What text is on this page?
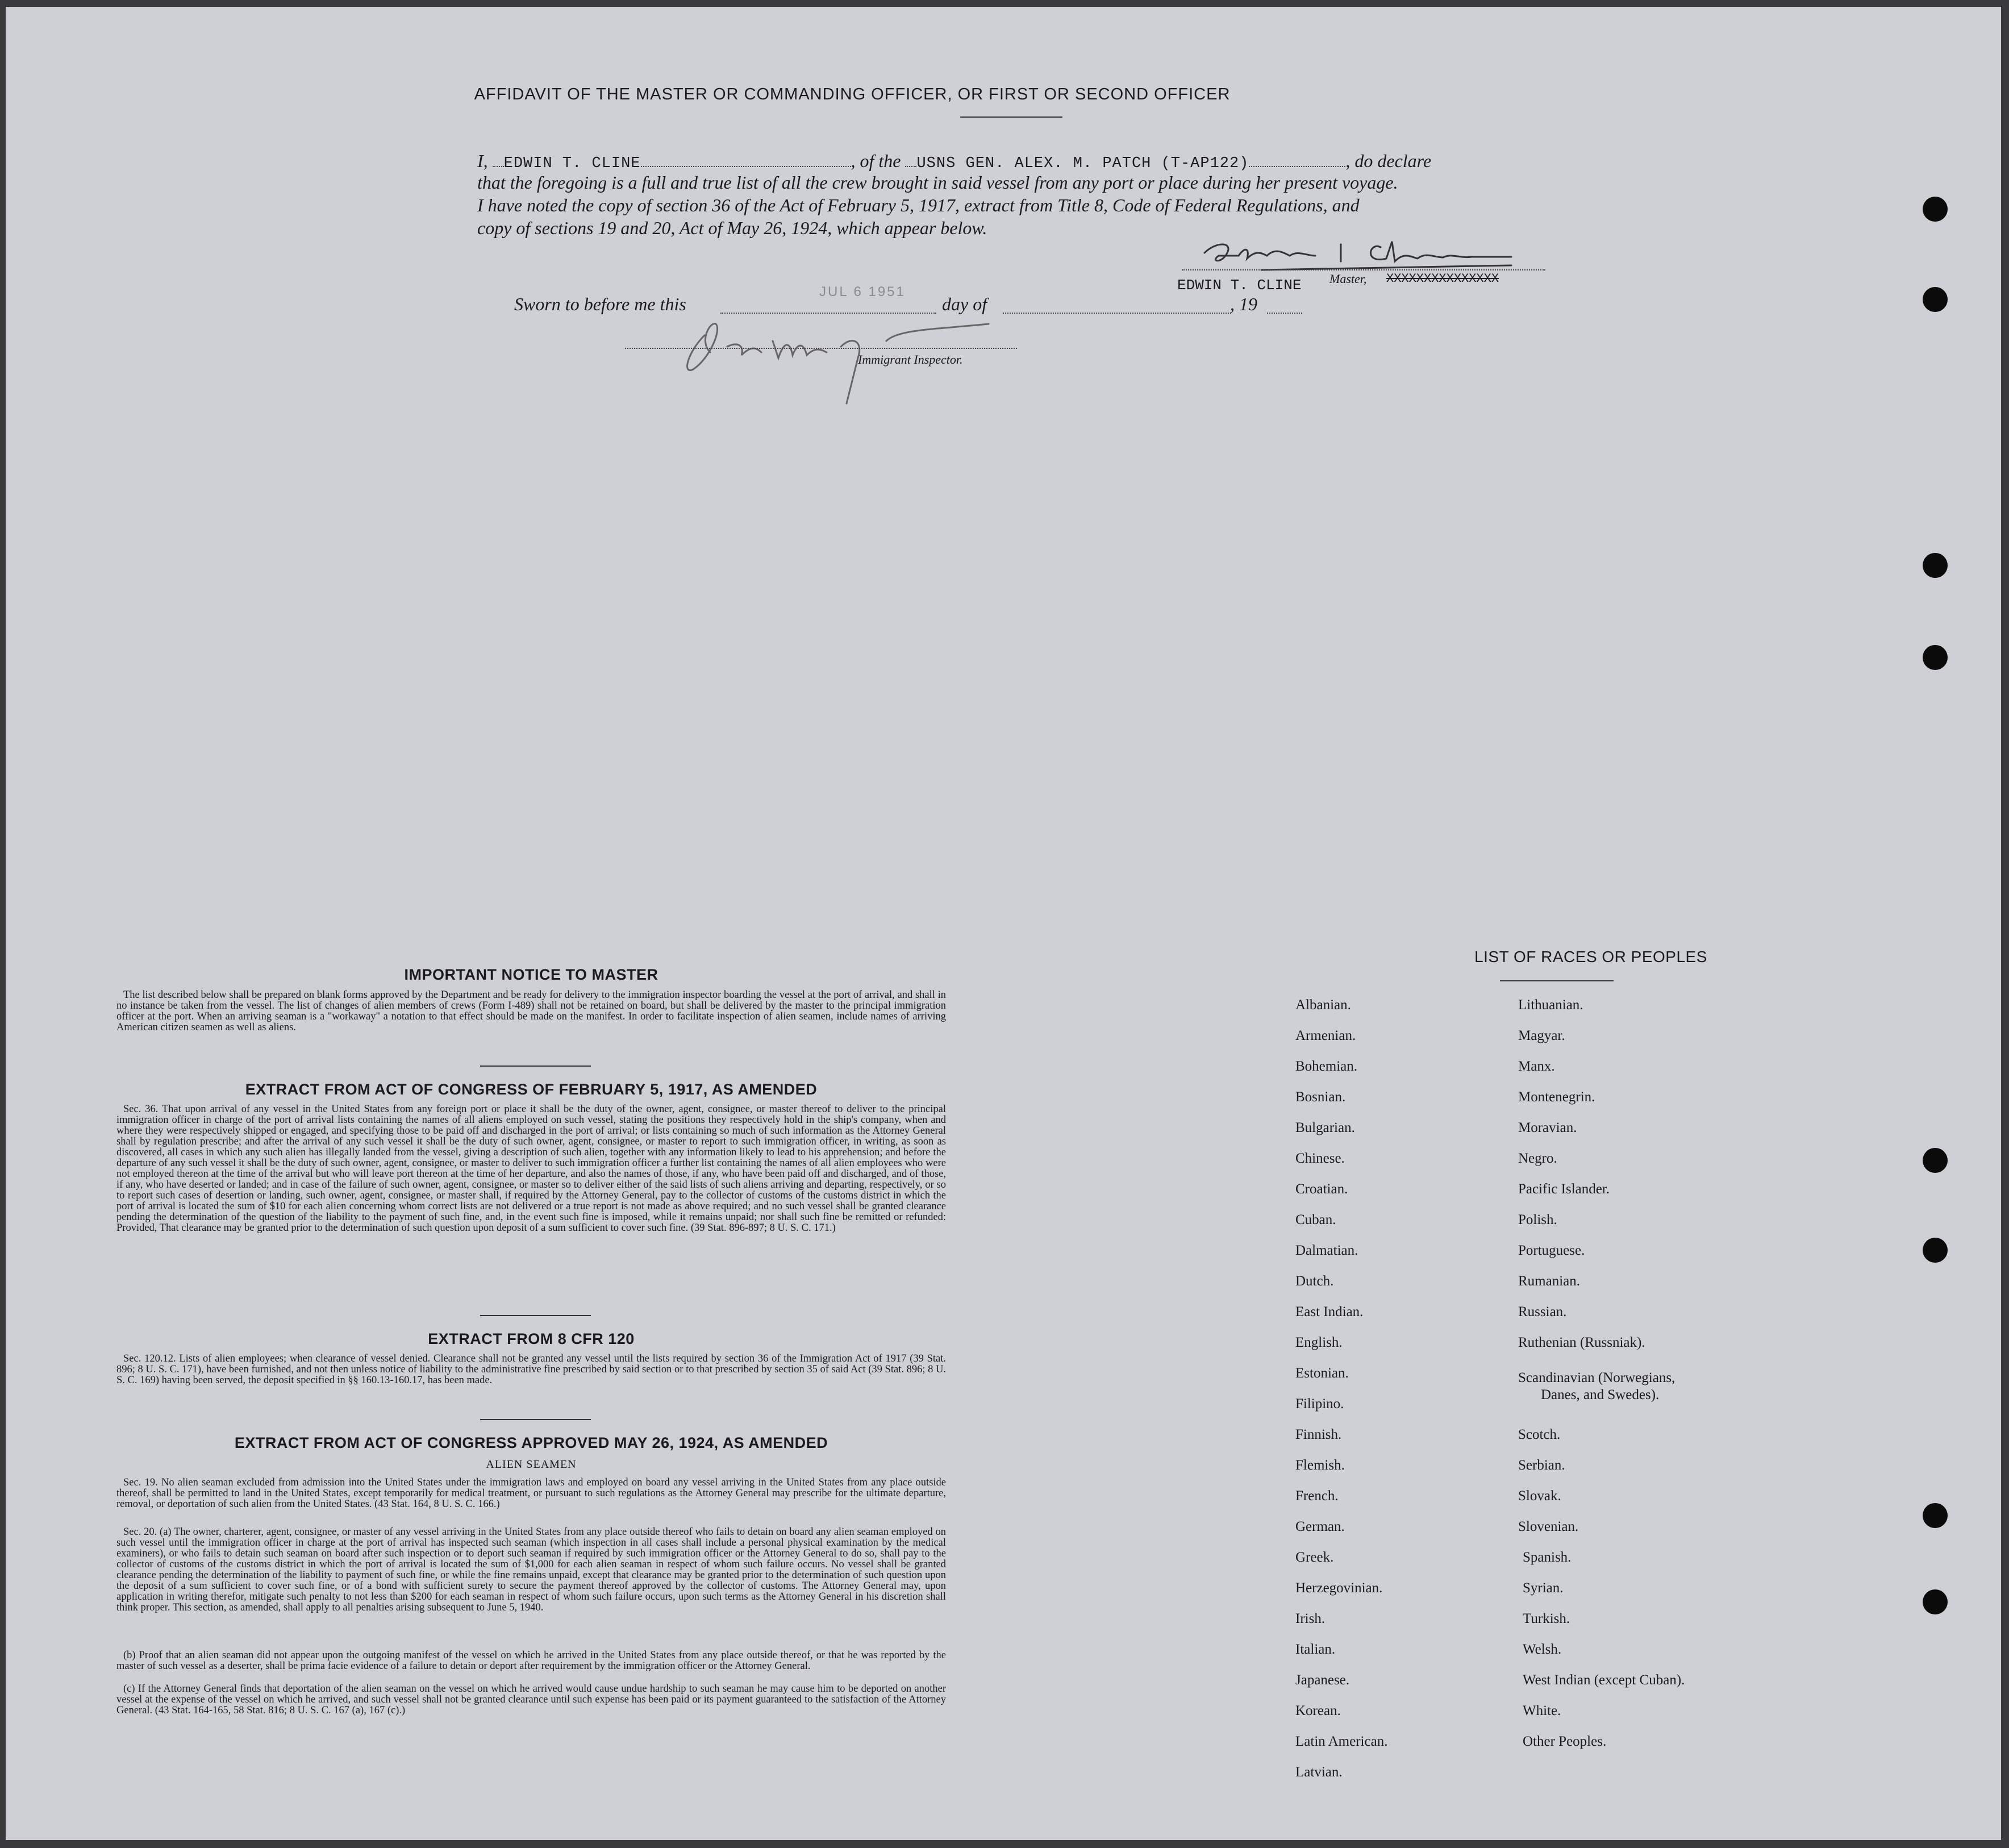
AFFIDAVIT OF THE MASTER OR COMMANDING OFFICER, OR FIRST OR SECOND OFFICER
I, EDWIN T. CLINE	, of the USNS GEN. ALEX. M. PATCH (T-AP122)	, do declare
that the foregoing is a full and true list of all the crew brought in said vessel from any port or place during her present voyage.
I have noted the copy of section 36 of the Act of February 5, 1917, extract from Title 8, Code of Federal Regulations, and
copy of sections 19 and 20, Act of May 26, 1924, which appear below.
EDWIN T. CLINE Master, XXXXXXXXXXXXXXX
Sworn to before me this
JUL 6 1951
day of	, 19
Immigrant Inspector.
IMPORTANT NOTICE TO MASTER
The list described below shall be prepared on blank forms approved by the Department and be ready for delivery to the immigration inspector boarding the vessel at the port of arrival, and shall in no instance be taken from the vessel. The list of changes of alien members of crews (Form I-489) shall not be retained on board, but shall be delivered by the master to the principal immigration officer at the port. When an arriving seaman is a "workaway" a notation to that effect should be made on the manifest. In order to facilitate inspection of alien seamen, include names of arriving American citizen seamen as well as aliens.
EXTRACT FROM ACT OF CONGRESS OF FEBRUARY 5, 1917, AS AMENDED
Sec. 36. That upon arrival of any vessel in the United States from any foreign port or place it shall be the duty of the owner, agent, consignee, or master thereof to deliver to the principal immigration officer in charge of the port of arrival lists containing the names of all aliens employed on such vessel, stating the positions they respectively hold in the ship's company, when and where they were respectively shipped or engaged, and specifying those to be paid off and discharged in the port of arrival; or lists containing so much of such information as the Attorney General shall by regulation prescribe; and after the arrival of any such vessel it shall be the duty of such owner, agent, consignee, or master to report to such immigration officer, in writing, as soon as discovered, all cases in which any such alien has illegally landed from the vessel, giving a description of such alien, together with any information likely to lead to his apprehension; and before the departure of any such vessel it shall be the duty of such owner, agent, consignee, or master to deliver to such immigration officer a further list containing the names of all alien employees who were not employed thereon at the time of the arrival but who will leave port thereon at the time of her departure, and also the names of those, if any, who have been paid off and discharged, and of those, if any, who have deserted or landed; and in case of the failure of such owner, agent, consignee, or master so to deliver either of the said lists of such aliens arriving and departing, respectively, or so to report such cases of desertion or landing, such owner, agent, consignee, or master shall, if required by the Attorney General, pay to the collector of customs of the customs district in which the port of arrival is located the sum of $10 for each alien concerning whom correct lists are not delivered or a true report is not made as above required; and no such vessel shall be granted clearance pending the determination of the question of the liability to the payment of such fine, and, in the event such fine is imposed, while it remains unpaid; nor shall such fine be remitted or refunded: Provided, That clearance may be granted prior to the determination of such question upon deposit of a sum sufficient to cover such fine. (39 Stat. 896-897; 8 U. S. C. 171.)
EXTRACT FROM 8 CFR 120
Sec. 120.12. Lists of alien employees; when clearance of vessel denied. Clearance shall not be granted any vessel until the lists required by section 36 of the Immigration Act of 1917 (39 Stat. 896; 8 U. S. C. 171), have been furnished, and not then unless notice of liability to the administrative fine prescribed by said section or to that prescribed by section 35 of said Act (39 Stat. 896; 8 U. S. C. 169) having been served, the deposit specified in §§ 160.13-160.17, has been made.
EXTRACT FROM ACT OF CONGRESS APPROVED MAY 26, 1924, AS AMENDED
ALIEN SEAMEN
Sec. 19. No alien seaman excluded from admission into the United States under the immigration laws and employed on board any vessel arriving in the United States from any place outside thereof, shall be permitted to land in the United States, except temporarily for medical treatment, or pursuant to such regulations as the Attorney General may prescribe for the ultimate departure, removal, or deportation of such alien from the United States. (43 Stat. 164, 8 U. S. C. 166.)
Sec. 20. (a) The owner, charterer, agent, consignee, or master of any vessel arriving in the United States from any place outside thereof who fails to detain on board any alien seaman employed on such vessel until the immigration officer in charge at the port of arrival has inspected such seaman (which inspection in all cases shall include a personal physical examination by the medical examiners), or who fails to detain such seaman on board after such inspection or to deport such seaman if required by such immigration officer or the Attorney General to do so, shall pay to the collector of customs of the customs district in which the port of arrival is located the sum of $1,000 for each alien seaman in respect of whom such failure occurs. No vessel shall be granted clearance pending the determination of the liability to payment of such fine, or while the fine remains unpaid, except that clearance may be granted prior to the determination of such question upon the deposit of a sum sufficient to cover such fine, or of a bond with sufficient surety to secure the payment thereof approved by the collector of customs. The Attorney General may, upon application in writing therefor, mitigate such penalty to not less than $200 for each seaman in respect of whom such failure occurs, upon such terms as the Attorney General in his discretion shall think proper. This section, as amended, shall apply to all penalties arising subsequent to June 5, 1940.
(b) Proof that an alien seaman did not appear upon the outgoing manifest of the vessel on which he arrived in the United States from any place outside thereof, or that he was reported by the master of such vessel as a deserter, shall be prima facie evidence of a failure to detain or deport after requirement by the immigration officer or the Attorney General.
(c) If the Attorney General finds that deportation of the alien seaman on the vessel on which he arrived would cause undue hardship to such seaman he may cause him to be deported on another vessel at the expense of the vessel on which he arrived, and such vessel shall not be granted clearance until such expense has been paid or its payment guaranteed to the satisfaction of the Attorney General. (43 Stat. 164-165, 58 Stat. 816; 8 U. S. C. 167 (a), 167 (c).)
LIST OF RACES OR PEOPLES
Albanian.
Armenian.
Bohemian.
Bosnian.
Bulgarian.
Chinese.
Croatian.
Cuban.
Dalmatian.
Dutch.
East Indian.
English.
Estonian.
Filipino.
Finnish.
Flemish.
French.
German.
Greek.
Herzegovinian.
Irish.
Italian.
Japanese.
Korean.
Latin American.
Latvian.
Lithuanian.
Magyar.
Manx.
Montenegrin.
Moravian.
Negro.
Pacific Islander.
Polish.
Portuguese.
Rumanian.
Russian.
Ruthenian (Russniak).
Scandinavian (Norwegians,
Danes, and Swedes).
Scotch.
Serbian.
Slovak.
Slovenian.
Spanish.
Syrian.
Turkish.
Welsh.
West Indian (except Cuban).
White.
Other Peoples.
